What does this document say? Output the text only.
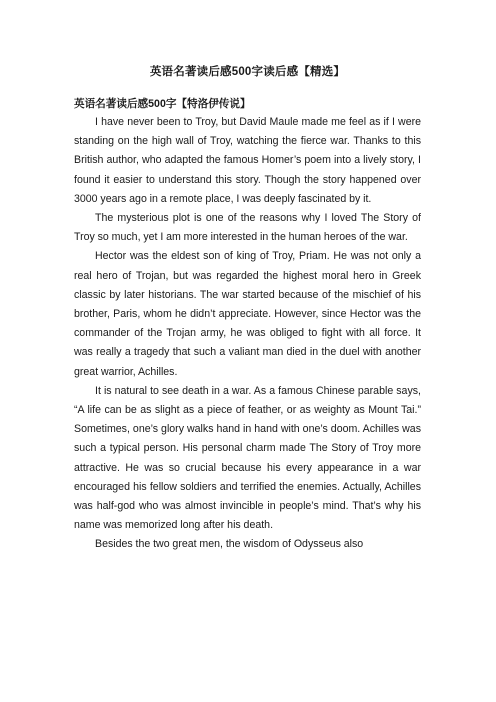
英语名著读后感500字读后感【精选】
英语名著读后感500字【特洛伊传说】

I have never been to Troy, but David Maule made me feel as if I were standing on the high wall of Troy, watching the fierce war. Thanks to this British author, who adapted the famous Homer’s poem into a lively story, I found it easier to understand this story. Though the story happened over 3000 years ago in a remote place, I was deeply fascinated by it.

The mysterious plot is one of the reasons why I loved The Story of Troy so much, yet I am more interested in the human heroes of the war.

Hector was the eldest son of king of Troy, Priam. He was not only a real hero of Trojan, but was regarded the highest moral hero in Greek classic by later historians. The war started because of the mischief of his brother, Paris, whom he didn’t appreciate. However, since Hector was the commander of the Trojan army, he was obliged to fight with all force. It was really a tragedy that such a valiant man died in the duel with another great warrior, Achilles.

It is natural to see death in a war. As a famous Chinese parable says, “A life can be as slight as a piece of feather, or as weighty as Mount Tai.” Sometimes, one’s glory walks hand in hand with one’s doom. Achilles was such a typical person. His personal charm made The Story of Troy more attractive. He was so crucial because his every appearance in a war encouraged his fellow soldiers and terrified the enemies. Actually, Achilles was half-god who was almost invincible in people’s mind. That’s why his name was memorized long after his death.

Besides the two great men, the wisdom of Odysseus also
